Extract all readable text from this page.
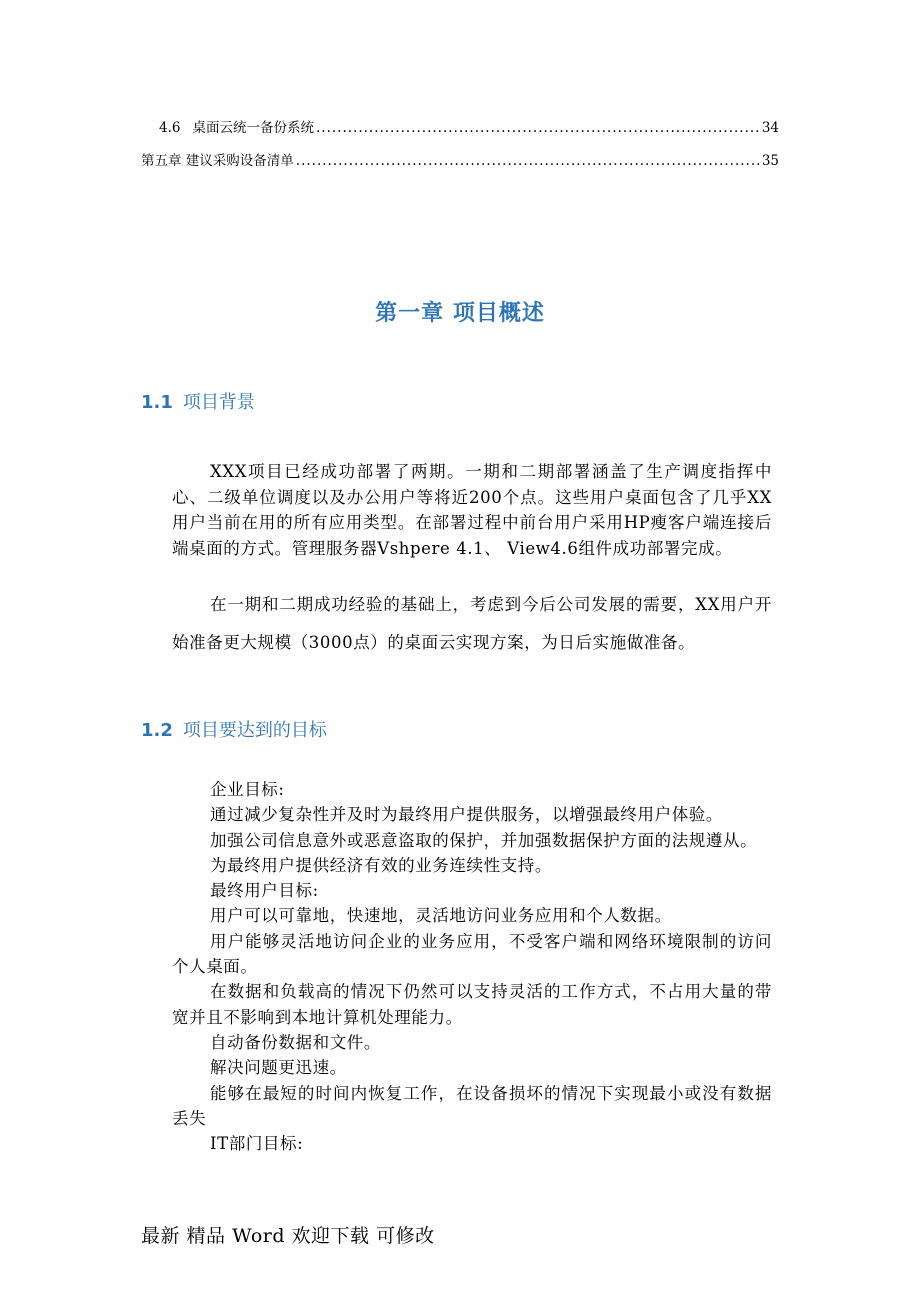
4.6 桌面云统一备份系统 .....	34
第五章 建议采购设备清单 .....	35
第一章 项目概述
1.1 项目背景

XXX项目已经成功部署了两期。一期和二期部署涵盖了生产调度指挥中心、二级单位调度以及办公用户等将近200个点。这些用户桌面包含了几乎XX用户当前在用的所有应用类型。在部署过程中前台用户采用HP瘦客户端连接后端桌面的方式。管理服务器Vshpere 4.1、 View4.6组件成功部署完成。

在一期和二期成功经验的基础上，考虑到今后公司发展的需要，XX用户开始准备更大规模（3000点）的桌面云实现方案，为日后实施做准备。

1.2 项目要达到的目标
企业目标:
通过减少复杂性并及时为最终用户提供服务，以增强最终用户体验。
加强公司信息意外或恶意盗取的保护，并加强数据保护方面的法规遵从。
为最终用户提供经济有效的业务连续性支持。
最终用户目标:
用户可以可靠地，快速地，灵活地访问业务应用和个人数据。
用户能够灵活地访问企业的业务应用，不受客户端和网络环境限制的访问个人桌面。
在数据和负载高的情况下仍然可以支持灵活的工作方式，不占用大量的带宽并且不影响到本地计算机处理能力。
自动备份数据和文件。
解决问题更迅速。
能够在最短的时间内恢复工作，在设备损坏的情况下实现最小或没有数据丢失
IT部门目标:
最新 精品 Word 欢迎下载 可修改
